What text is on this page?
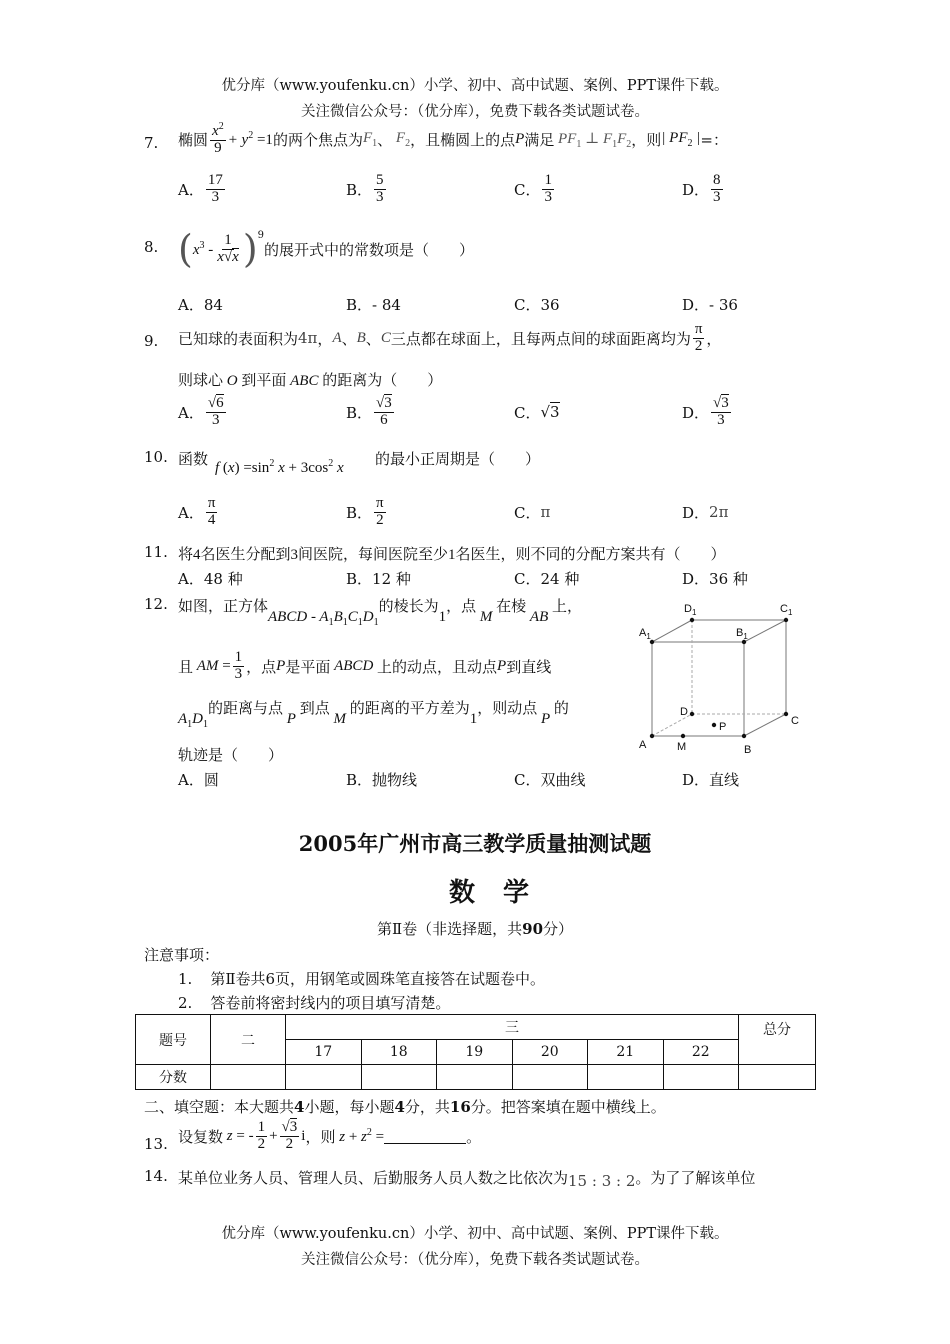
优分库（www.youfenku.cn）小学、初中、高中试题、案例、PPT课件下载。
关注微信公众号：（优分库），免费下载各类试题试卷。
7. 椭圆 $\frac{x^2}{9} + y^2 =1$ 的两个焦点为 $F_1$ 、 $F_2$ ，且椭圆上的点 P 满足 $PF_1$ ⊥ $F_1F_2$ ，则 | $PF_2$ | =：
A． $\frac{17}{3}$	B． $\frac{5}{3}$	C． $\frac{1}{3}$	D． $\frac{8}{3}$
8. ( $x^3 - \frac{1}{x√x} )^9$
的展开式中的常数项是（　　）
A．84	B．- 84	C．36	D．- 36
9. 已知球的表面积为 4π ， A 、 B 、 C 三点都在球面上，且每两点间的球面距离均为 $\frac{\pi}{2}$ ，
则球心 O 到平面 ABC 的距离为（　　）
A． $\frac{√6}{3}$	B． $\frac{√3}{6}$	C． √3	D． $\frac{√3}{3}$
10. 函数 f $(x) =\sin^2$ $x + 3\cos^2$ x 的最小正周期是（　　）
A． $\frac{\pi}{4}$	B． $\frac{\pi}{2}$	C． π	D． 2π
11. 将4名医生分配到3间医院，每间医院至少1名医生，则不同的分配方案共有（　　）
A．48 种	B．12 种	C．24 种	D．36 种
12. 如图，正方体ABCD - $A_1B_1C_1D_1$的棱长为1，点 M 在棱 AB 上，
且 AM = $\frac{1}{3}$ ，点 P 是平面 ABCD 上的动点，且动点 P 到直线
$A_1D_1$的距离与点 P 到点 M 的距离的平方差为1，则动点 P 的
轨迹是（　　）
A．圆	B．抛物线	C．双曲线	D．直线
$D_1$	$C_1$
$A_1$	$B_1$
D
C
P
A	M	B
2005年广州市高三教学质量抽测试题
数学
第Ⅱ卷（非选择题，共90分）
注意事项：
1. 第Ⅱ卷共6页，用钢笔或圆珠笔直接答在试题卷中。
2. 答卷前将密封线内的项目填写清楚。
题号	二	三						总分
		17	18	19	20	21	22	
分数								
二、填空题：本大题共4小题，每小题4分，共16分。把答案填在题中横线上。
13. 设复数 z = - $\frac{1}{2} + \frac{√3}{2}$ i ，则 $z + z^2$ =	。
14. 某单位业务人员、管理人员、后勤服务人员人数之比依次为15 : 3 : 2。为了了解该单位
优分库（www.youfenku.cn）小学、初中、高中试题、案例、PPT课件下载。
关注微信公众号：（优分库），免费下载各类试题试卷。
